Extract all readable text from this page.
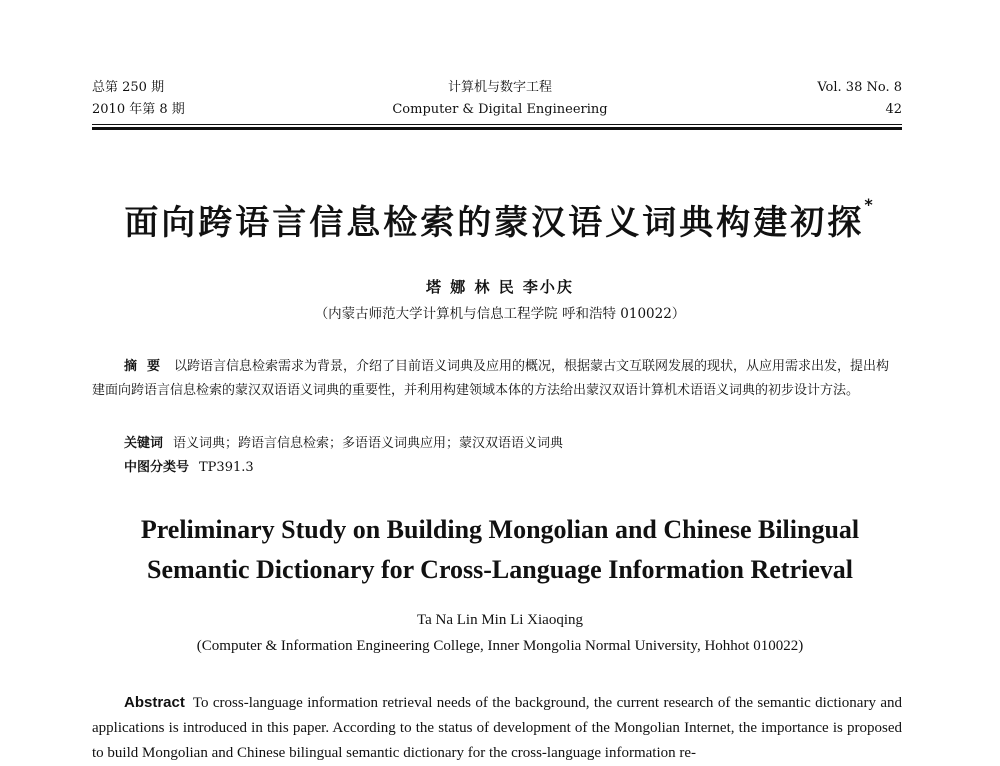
总第 250 期
2010 年第 8 期
计算机与数字工程
Computer & Digital Engineering
Vol. 38 No. 8
42
面向跨语言信息检索的蒙汉语义词典构建初探*
塔 娜 林 民 李小庆
（内蒙古师范大学计算机与信息工程学院 呼和浩特 010022）
摘要 以跨语言信息检索需求为背景，介绍了目前语义词典及应用的概况，根据蒙古文互联网发展的现状，从应用需求出发，提出构建面向跨语言信息检索的蒙汉双语语义词典的重要性，并利用构建领域本体的方法给出蒙汉双语计算机术语语义词典的初步设计方法。
关键词 语义词典；跨语言信息检索；多语语义词典应用；蒙汉双语语义词典
中图分类号 TP391.3
Preliminary Study on Building Mongolian and Chinese Bilingual
Semantic Dictionary for Cross-Language Information Retrieval
Ta Na Lin Min Li Xiaoqing
(Computer & Information Engineering College, Inner Mongolia Normal University, Hohhot 010022)
Abstract To cross-language information retrieval needs of the background, the current research of the semantic dictionary and applications is introduced in this paper. According to the status of development of the Mongolian Internet, the importance is proposed to build Mongolian and Chinese bilingual semantic dictionary for the cross-language information re-
